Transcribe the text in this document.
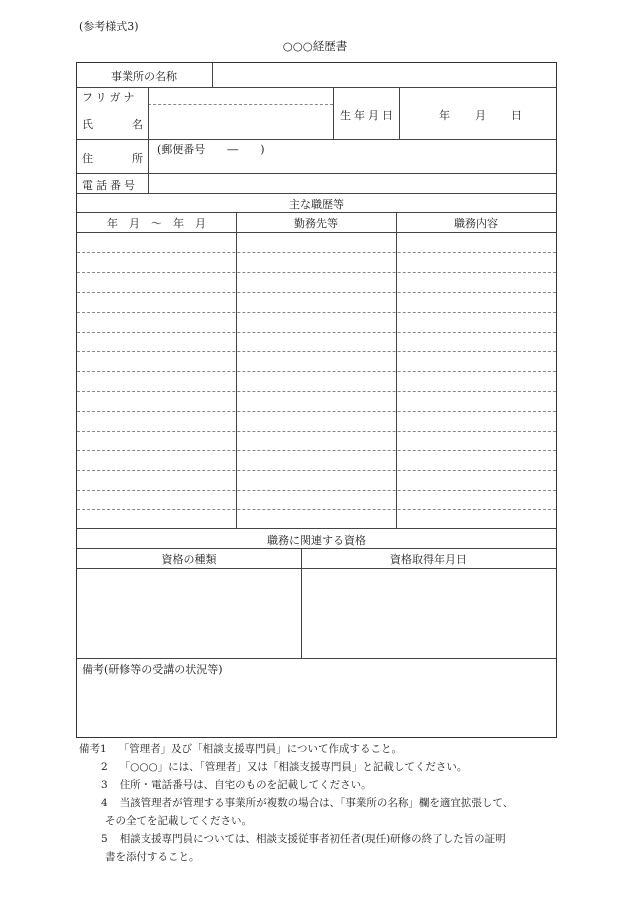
(参考様式3)
○○○経歴書
事業所の名称
フリガナ
氏	名
生年月日	年 月 日
住	所
(郵便番号　　―　　)
電話番号
主な職歴等
年　月　～　年　月	勤務先等	職務内容
職務に関連する資格
資格の種類	資格取得年月日
備考(研修等の受講の状況等)
備考1 「管理者」及び「相談支援専門員」について作成すること。
2 「○○○」には、「管理者」又は「相談支援専門員」と記載してください。
3 住所・電話番号は、自宅のものを記載してください。
4 当該管理者が管理する事業所が複数の場合は、「事業所の名称」欄を適宜拡張して、
その全てを記載してください。
5 相談支援専門員については、相談支援従事者初任者(現任)研修の終了した旨の証明
書を添付すること。
